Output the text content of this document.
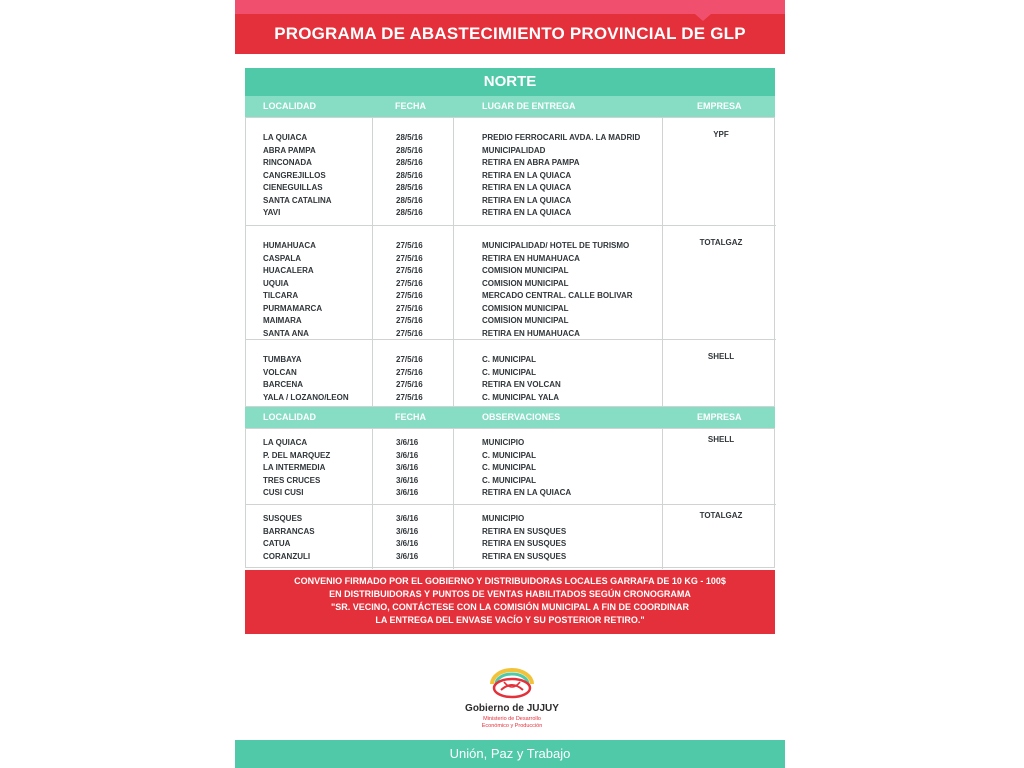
PROGRAMA DE ABASTECIMIENTO PROVINCIAL DE GLP
NORTE
LOCALIDAD	FECHA	LUGAR DE ENTREGA	EMPRESA
YPF
LA QUIACA	28/5/16	PREDIO FERROCARIL AVDA. LA MADRID
ABRA PAMPA	28/5/16	MUNICIPALIDAD
RINCONADA	28/5/16	RETIRA EN ABRA PAMPA
CANGREJILLOS	28/5/16	RETIRA EN LA QUIACA
CIENEGUILLAS	28/5/16	RETIRA EN LA QUIACA
SANTA CATALINA	28/5/16	RETIRA EN LA QUIACA
YAVI	28/5/16	RETIRA EN LA QUIACA
TOTALGAZ
HUMAHUACA	27/5/16	MUNICIPALIDAD/ HOTEL DE TURISMO
CASPALA	27/5/16	RETIRA EN HUMAHUACA
HUACALERA	27/5/16	COMISION MUNICIPAL
UQUIA	27/5/16	COMISION MUNICIPAL
TILCARA	27/5/16	MERCADO CENTRAL. CALLE BOLIVAR
PURMAMARCA	27/5/16	COMISION MUNICIPAL
MAIMARA	27/5/16	COMISION MUNICIPAL
SANTA ANA	27/5/16	RETIRA EN HUMAHUACA
SHELL
TUMBAYA	27/5/16	C. MUNICIPAL
VOLCAN	27/5/16	C. MUNICIPAL
BARCENA	27/5/16	RETIRA EN VOLCAN
YALA / LOZANO/LEON	27/5/16	C. MUNICIPAL YALA
LOCALIDAD	FECHA	OBSERVACIONES	EMPRESA
SHELL
LA QUIACA	3/6/16	MUNICIPIO
P. DEL MARQUEZ	3/6/16	C. MUNICIPAL
LA INTERMEDIA	3/6/16	C. MUNICIPAL
TRES CRUCES	3/6/16	C. MUNICIPAL
CUSI CUSI	3/6/16	RETIRA EN LA QUIACA
TOTALGAZ
SUSQUES	3/6/16	MUNICIPIO
BARRANCAS	3/6/16	RETIRA EN SUSQUES
CATUA	3/6/16	RETIRA EN SUSQUES
CORANZULI	3/6/16	RETIRA EN SUSQUES
CONVENIO FIRMADO POR EL GOBIERNO Y DISTRIBUIDORAS LOCALES GARRAFA DE 10 KG - 100$
EN DISTRIBUIDORAS Y PUNTOS DE VENTAS HABILITADOS SEGÚN CRONOGRAMA
"SR. VECINO, CONTÁCTESE CON LA COMISIÓN MUNICIPAL A FIN DE COORDINAR
LA ENTREGA DEL ENVASE VACÍO Y SU POSTERIOR RETIRO."
Gobierno de JUJUY
Ministerio de Desarrollo
Económico y Producción
Unión, Paz y Trabajo
